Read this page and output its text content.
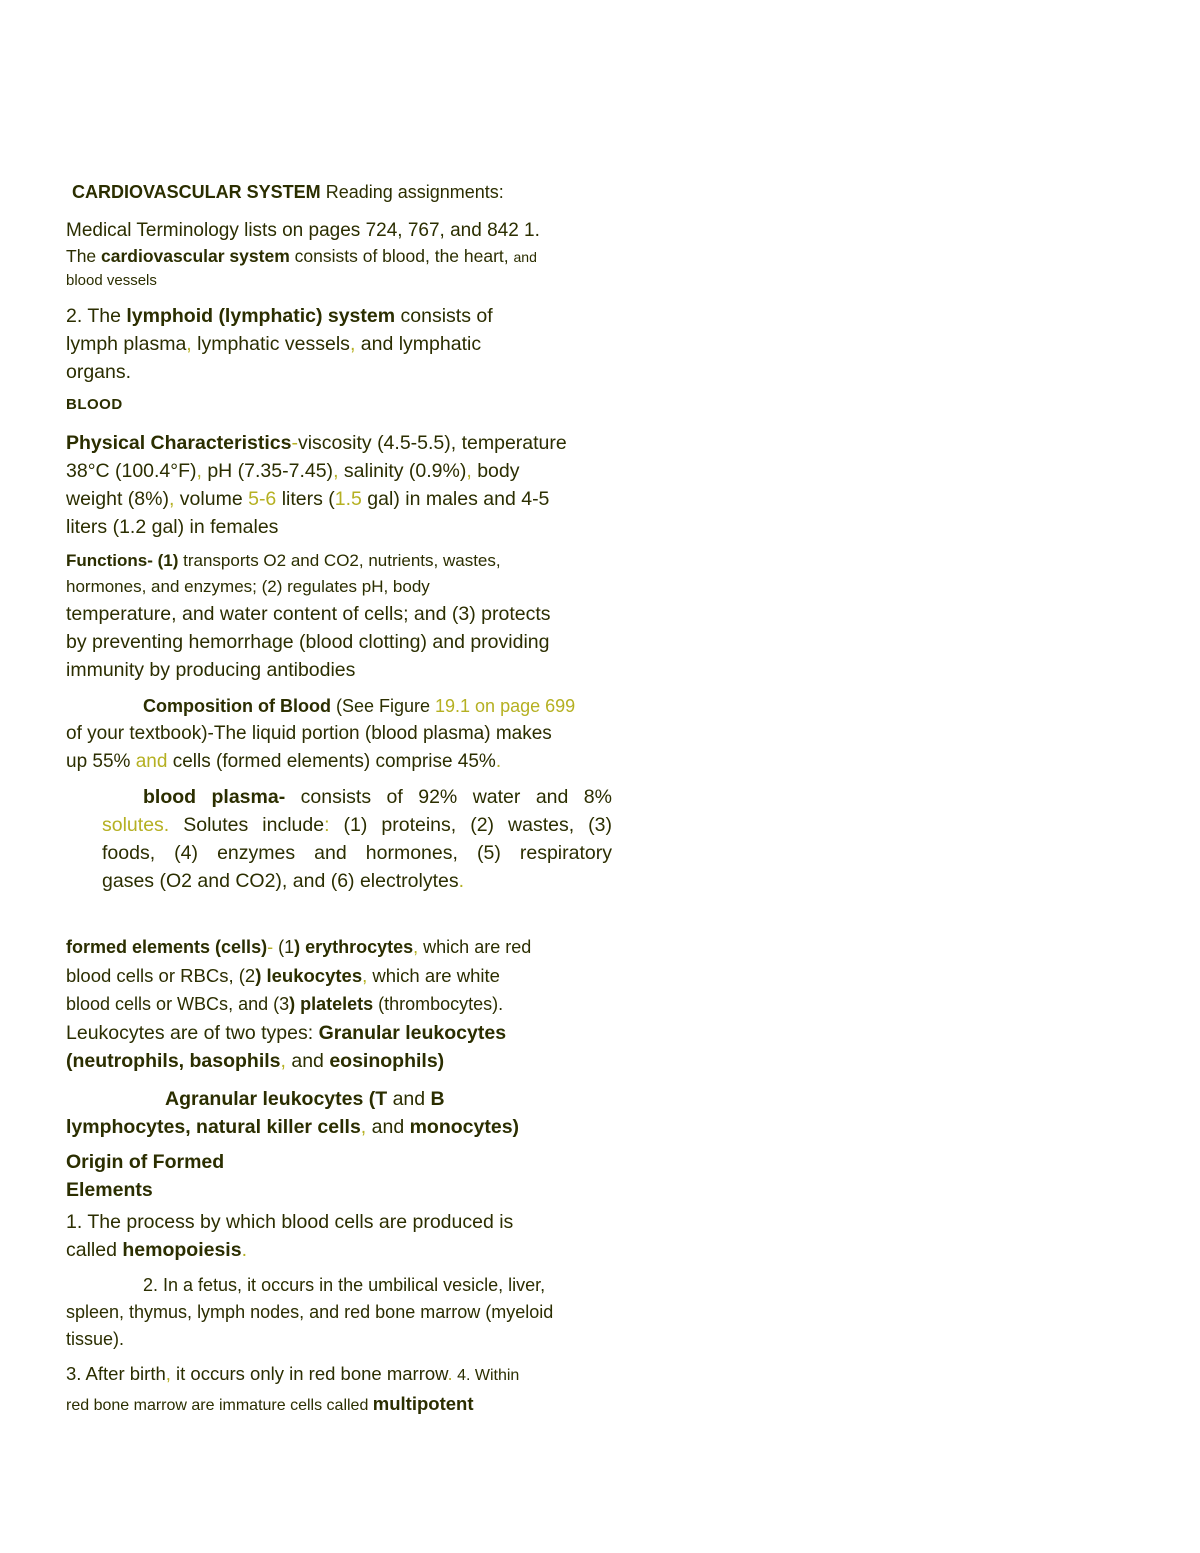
CARDIOVASCULAR SYSTEM Reading assignments:
Medical Terminology lists on pages 724, 767, and 842 1.
The cardiovascular system consists of blood, the heart, and
blood vessels
2. The lymphoid (lymphatic) system consists of
lymph plasma, lymphatic vessels, and lymphatic
organs.
BLOOD
Physical Characteristics-viscosity (4.5-5.5), temperature
38°C (100.4°F), pH (7.35-7.45), salinity (0.9%), body
weight (8%), volume 5-6 liters (1.5 gal) in males and 4-5
liters (1.2 gal) in females
Functions- (1) transports O2 and CO2, nutrients, wastes,
hormones, and enzymes; (2) regulates pH, body
temperature, and water content of cells; and (3) protects
by preventing hemorrhage (blood clotting) and providing
immunity by producing antibodies
Composition of Blood (See Figure 19.1 on page 699
of your textbook)-The liquid portion (blood plasma) makes
up 55% and cells (formed elements) comprise 45%.
blood plasma- consists of 92% water and 8%
solutes. Solutes include: (1) proteins, (2) wastes, (3)
foods, (4) enzymes and hormones, (5) respiratory
gases (O2 and CO2), and (6) electrolytes.
formed elements (cells)- (1) erythrocytes, which are red
blood cells or RBCs, (2) leukocytes, which are white
blood cells or WBCs, and (3) platelets (thrombocytes).
Leukocytes are of two types: Granular leukocytes
(neutrophils, basophils, and eosinophils)
Agranular leukocytes (T and B
lymphocytes, natural killer cells, and monocytes)
Origin of Formed
Elements
1. The process by which blood cells are produced is
called hemopoiesis.
2. In a fetus, it occurs in the umbilical vesicle, liver,
spleen, thymus, lymph nodes, and red bone marrow (myeloid
tissue).
3. After birth, it occurs only in red bone marrow. 4. Within
red bone marrow are immature cells called multipotent
